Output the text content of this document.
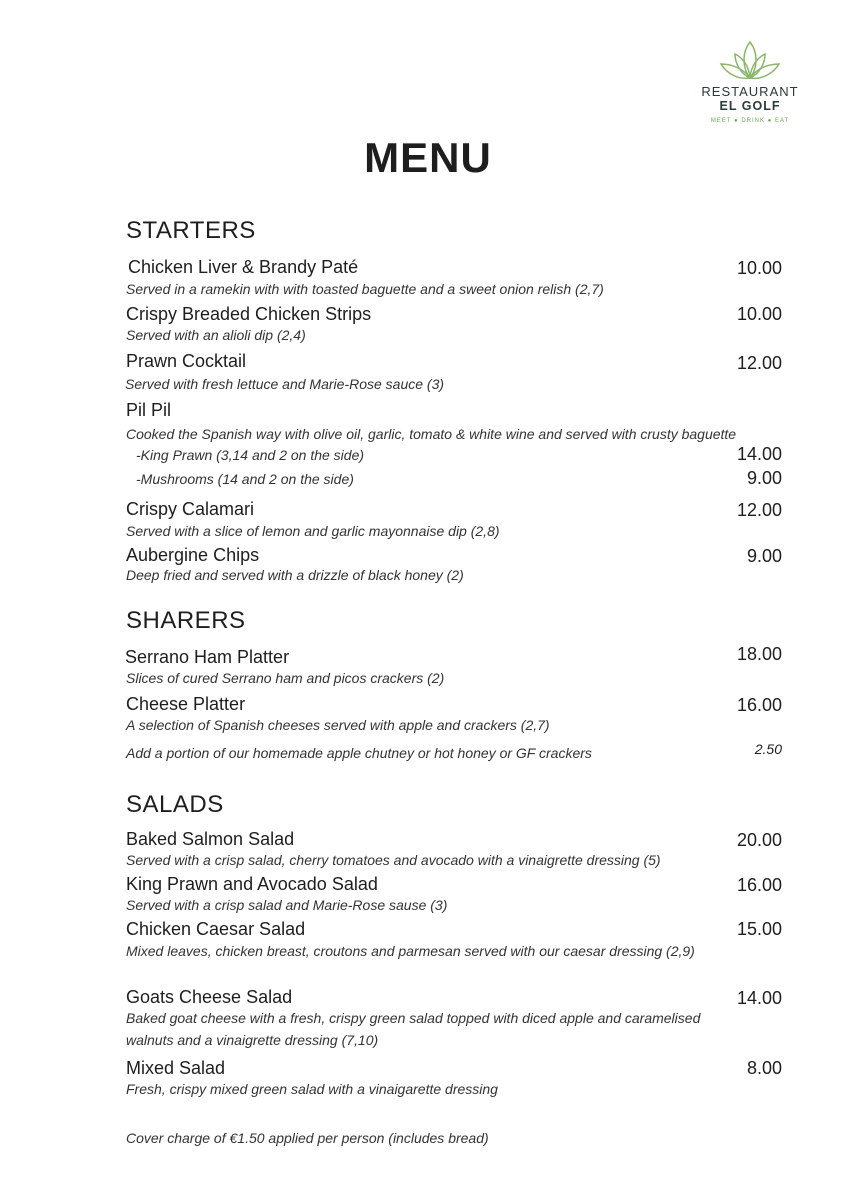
RESTAURANT
EL GOLF
MEET ● DRINK ● EAT
MENU
STARTERS
Chicken Liver & Brandy Paté
Served in a ramekin with with toasted baguette and a sweet onion relish (2,7)
10.00
Crispy Breaded Chicken Strips
Served with an alioli dip (2,4)
10.00
Prawn Cocktail
Served with fresh lettuce and Marie-Rose sauce (3)
12.00
Pil Pil
Cooked the Spanish way with olive oil, garlic, tomato & white wine and served with crusty baguette
-King Prawn (3,14 and 2 on the side)	14.00
-Mushrooms (14 and 2 on the side)	9.00
Crispy Calamari
Served with a slice of lemon and garlic mayonnaise dip (2,8)
12.00
Aubergine Chips
Deep fried and served with a drizzle of black honey (2)
9.00
SHARERS
Serrano Ham Platter
Slices of cured Serrano ham and picos crackers (2)
18.00
Cheese Platter
A selection of Spanish cheeses served with apple and crackers (2,7)
16.00
Add a portion of our homemade apple chutney or hot honey or GF crackers	2.50
SALADS
Baked Salmon Salad
Served with a crisp salad, cherry tomatoes and avocado with a vinaigrette dressing (5)
20.00
King Prawn and Avocado Salad
Served with a crisp salad and Marie-Rose sause (3)
16.00
Chicken Caesar Salad
Mixed leaves, chicken breast, croutons and parmesan served with our caesar dressing (2,9)
15.00
Goats Cheese Salad
Baked goat cheese with a fresh, crispy green salad topped with diced apple and caramelised walnuts and a vinaigrette dressing (7,10)
14.00
Mixed Salad
Fresh, crispy mixed green salad with a vinaigarette dressing
8.00
Cover charge of €1.50 applied per person (includes bread)
